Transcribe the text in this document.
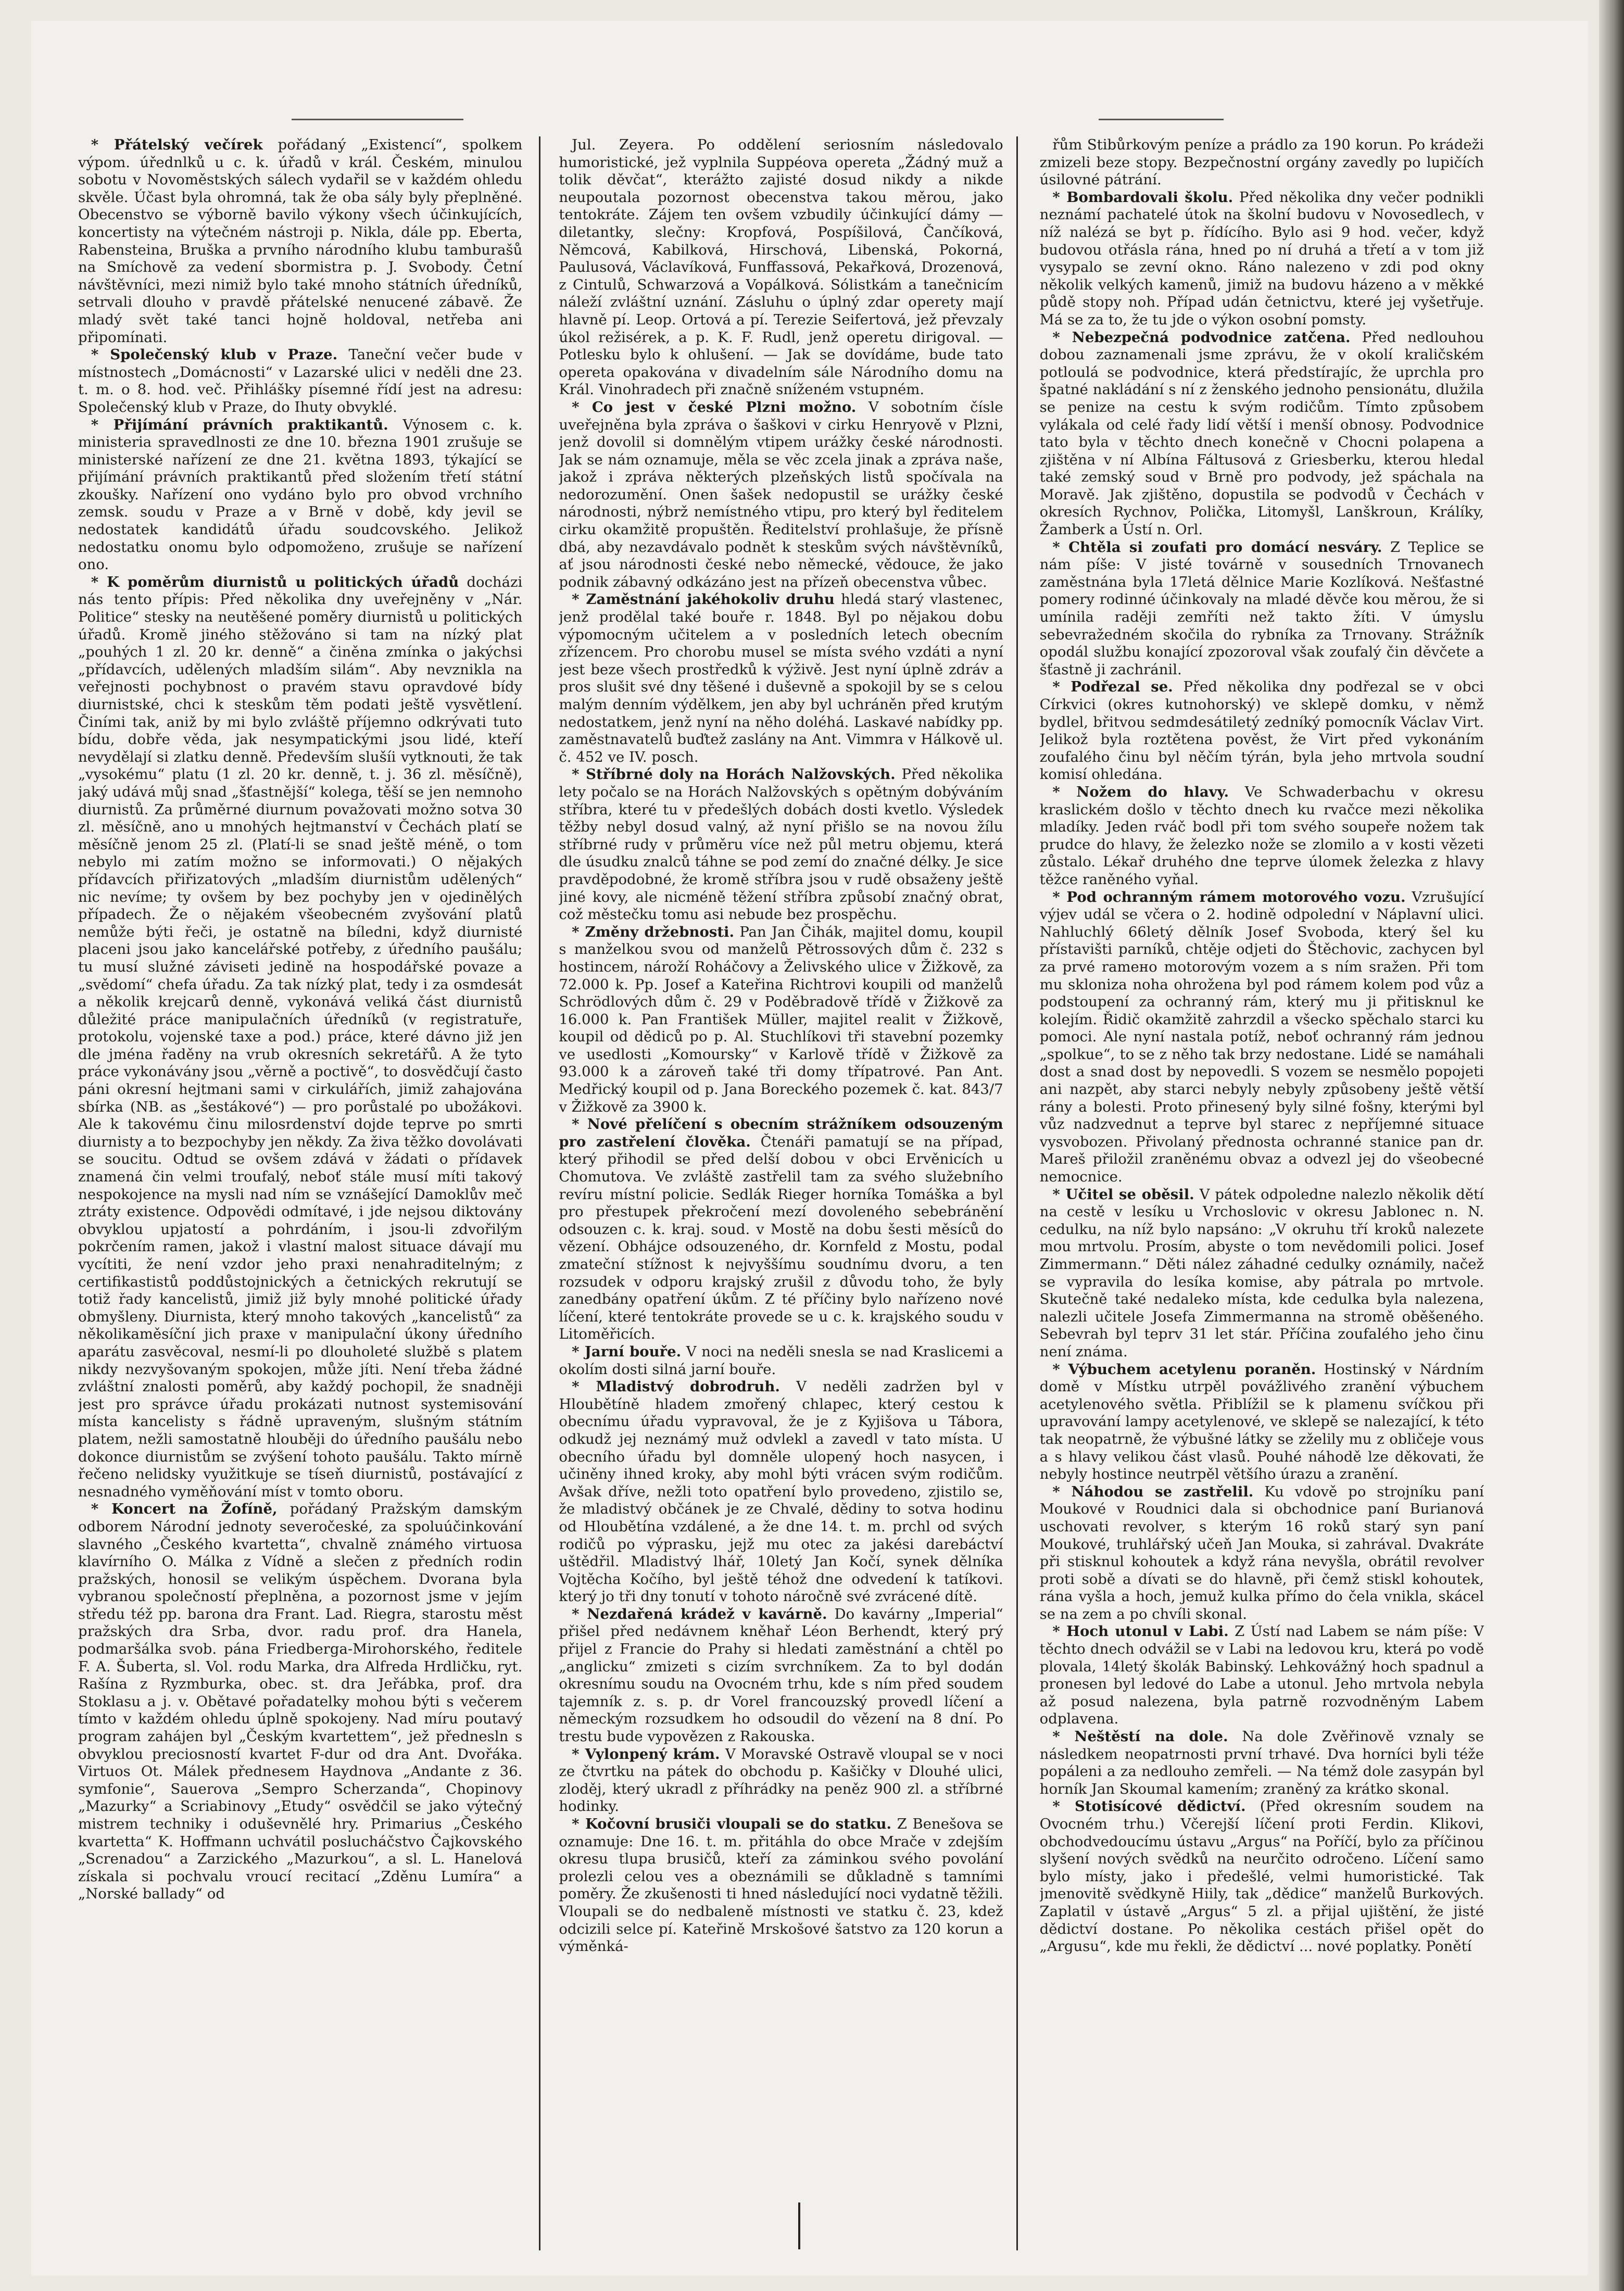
* Přátelský večírek pořádaný „Existencí“, spolkem výpom. úřednlků u c. k. úřadů v král. Českém, minulou sobotu v Novoměstských sálech vydařil se v každém ohledu skvěle. Účast byla ohromná, tak že oba sály byly přeplněné. Obecenstvo se výborně bavilo výkony všech účinkujících, koncertisty na výtečném nástroji p. Nikla, dále pp. Eberta, Rabensteina, Bruška a prvního národního klubu tamburašů na Smíchově za vedení sbormistra p. J. Svobody. Četní návštěvníci, mezi nimiž bylo také mnoho státních úředníků, setrvali dlouho v pravdě přátelské nenucené zábavě. Že mladý svět také tanci hojně holdoval, netřeba ani připomínati.

* Společenský klub v Praze. Taneční večer bude v místnostech „Domácnosti“ v Lazarské ulici v neděli dne 23. t. m. o 8. hod. več. Přihlášky písemné řídí jest na adresu: Společenský klub v Praze, do Ihuty obvyklé.

* Přijímání právních praktikantů. Výnosem c. k. ministeria spravedlnosti ze dne 10. března 1901 zrušuje se ministerské nařízení ze dne 21. května 1893, týkající se přijímání právních praktikantů před složením třetí státní zkoušky. Nařízení ono vydáno bylo pro obvod vrchního zemsk. soudu v Praze a v Brně v době, kdy jevil se nedostatek kandidátů úřadu soudcovského. Jelikož nedostatku onomu bylo odpomoženo, zrušuje se nařízení ono.

* K poměrům diurnistů u politických úřadů docházi nás tento přípis: Před několika dny uveřejněny v „Nár. Politice“ stesky na neutěšené poměry diurnistů u politických úřadů. Kromě jiného stěžováno si tam na nízký plat „pouhých 1 zl. 20 kr. denně“ a činěna zmínka o jakýchsi „přídavcích, udělených mladším silám“. Aby nevznikla na veřejnosti pochybnost o pravém stavu opravdové bídy diurnistské, chci k steskům těm podati ještě vysvětlení. Činími tak, aniž by mi bylo zvláště příjemno odkrývati tuto bídu, dobře věda, jak nesympatickými jsou lidé, kteří nevydělají si zlatku denně. Především slušíi vytknouti, že tak „vysokému“ platu (1 zl. 20 kr. denně, t. j. 36 zl. měsíčně), jaký udává můj snad „šťastnější“ kolega, těší se jen nemnoho diurnistů. Za průměrné diurnum považovati možno sotva 30 zl. měsíčně, ano u mnohých hejtmanství v Čechách platí se měsíčně jenom 25 zl. (Platí-li se snad ještě méně, o tom nebylo mi zatím možno se informovati.) O nějakých přídavcích přiřizatových „mladším diurnistům udělených“ nic nevíme; ty ovšem by bez pochyby jen v ojedinělých případech. Že o nějakém všeobecném zvyšování platů nemůže býti řeči, je ostatně na bíledni, když diurnisté placeni jsou jako kancelářské potřeby, z úředního paušálu; tu musí služné záviseti jedině na hospodářské povaze a „svědomí“ chefa úřadu. Za tak nízký plat, tedy i za osmdesát a několik krejcarů denně, vykonává veliká část diurnistů důležité práce manipulačních úředníků (v registratuře, protokolu, vojenské taxe a pod.) práce, které dávno již jen dle jména řaděny na vrub okresních sekretářů. A že tyto práce vykonávány jsou „věrně a poctivě“, to dosvědčují často páni okresní hejtmani sami v cirkulářích, jimiž zahajována sbírka (NB. as „šestákové“) — pro porůstalé po ubožákovi. Ale k takovému činu milosrdenství dojde teprve po smrti diurnisty a to bezpochyby jen někdy. Za živa těžko dovolávati se soucitu. Odtud se ovšem zdává v žádati o přídavek znamená čin velmi troufalý, neboť stále musí míti takový nespokojence na mysli nad ním se vznášející Damoklův meč ztráty existence. Odpovědi odmítavé, i jde nejsou diktovány obvyklou upjatostí a pohrdáním, i jsou-li zdvořilým pokrčením ramen, jakož i vlastní malost situace dávají mu vycítiti, že není vzdor jeho praxi nenahraditelným; z certifikastistů poddůstojnických a četnických rekrutují se totiž řady kancelistů, jimiž již byly mnohé politické úřady obmyšleny. Diurnista, který mnoho takových „kancelistů“ za několikaměsíční jich praxe v manipulační úkony úředního aparátu zasvěcoval, nesmí-li po dlouholeté službě s platem nikdy nezvyšovaným spokojen, může jíti. Není třeba žádné zvláštní znalosti poměrů, aby každý pochopil, že snadněji jest pro správce úřadu prokázati nutnost systemisování místa kancelisty s řádně upraveným, slušným státním platem, nežli samostatně hlouběji do úředního paušálu nebo dokonce diurnistům se zvýšení tohoto paušálu. Takto mírně řečeno nelidsky využitkuje se tíseň diurnistů, postávající z nesnadného vyměňování míst v tomto oboru.

* Koncert na Žofíně, pořádaný Pražským damským odborem Národní jednoty severočeské, za spoluúčinkování slavného „Českého kvartetta“, chvalně známého virtuosa klavírního O. Málka z Vídně a slečen z předních rodin pražských, honosil se velikým úspěchem. Dvorana byla vybranou společností přeplněna, a pozornost jsme v jejím středu též pp. barona dra Frant. Lad. Riegra, starostu měst pražských dra Srba, dvor. radu prof. dra Hanela, podmaršálka svob. pána Friedberga-Mirohorského, ředitele F. A. Šuberta, sl. Vol. rodu Marka, dra Alfreda Hrdličku, ryt. Rašína z Ryzmburka, obec. st. dra Jeřábka, prof. dra Stoklasu a j. v. Obětavé pořadatelky mohou býti s večerem tímto v každém ohledu úplně spokojeny. Nad míru poutavý program zahájen byl „Českým kvartettem“, jež přednesln s obvyklou preciosností kvartet F-dur od dra Ant. Dvořáka. Virtuos Ot. Málek přednesem Haydnova „Andante z 36. symfonie“, Sauerova „Sempro Scherzanda“, Chopinovy „Mazurky“ a Scriabinovy „Etudy“ osvědčil se jako výtečný mistrem techniky i oduševnělé hry. Primarius „Českého kvartetta“ K. Hoffmann uchvátil poslucháčstvo Čajkovského „Screnadou“ a Zarzického „Mazurkou“, a sl. L. Hanelová získala si pochvalu vroucí recitací „Zděnu Lumíra“ a „Norské ballady“ od

Jul. Zeyera. Po oddělení seriosním následovalo humoristické, jež vyplnila Suppéova opereta „Žádný muž a tolik děvčat“, kterážto zajisté dosud nikdy a nikde neupoutala pozornost obecenstva takou měrou, jako tentokráte. Zájem ten ovšem vzbudily účinkující dámy — diletantky, slečny: Kropfová, Pospíšilová, Čančíková, Němcová, Kabilková, Hirschová, Libenská, Pokorná, Paulusová, Václavíková, Funffassová, Pekařková, Drozenová, z Cintulů, Schwarzová a Vopálková. Sólistkám a tanečnicím náleží zvláštní uznání. Zásluhu o úplný zdar operety mají hlavně pí. Leop. Ortová a pí. Terezie Seifertová, jež převzaly úkol režisérek, a p. K. F. Rudl, jenž operetu dirigoval. — Potlesku bylo k ohlušení. — Jak se dovídáme, bude tato opereta opakována v divadelním sále Národního domu na Král. Vinohradech při značně sníženém vstupném.

* Co jest v české Plzni možno. V sobotním čísle uveřejněna byla zpráva o šaškovi v cirku Henryově v Plzni, jenž dovolil si domnělým vtipem urážky české národnosti. Jak se nám oznamuje, měla se věc zcela jinak a zpráva naše, jakož i zpráva některých plzeňských listů spočívala na nedorozumění. Onen šašek nedopustil se urážky české národnosti, nýbrž nemístného vtipu, pro který byl ředitelem cirku okamžitě propuštěn. Ředitelství prohlašuje, že přísně dbá, aby nezavdávalo podnět k steskům svých návštěvníků, ať jsou národnosti české nebo německé, vědouce, že jako podnik zábavný odkázáno jest na přízeň obecenstva vůbec.

* Zaměstnání jakéhokoliv druhu hledá starý vlastenec, jenž prodělal také bouře r. 1848. Byl po nějakou dobu výpomocným učitelem a v posledních letech obecním zřízencem. Pro chorobu musel se místa svého vzdáti a nyní jest beze všech prostředků k výživě. Jest nyní úplně zdráv a pros slušit své dny těšené i duševně a spokojil by se s celou malým denním výdělkem, jen aby byl uchráněn před krutým nedostatkem, jenž nyní na něho doléhá. Laskavé nabídky pp. zaměstnavatelů buďtež zaslány na Ant. Vimmra v Hálkově ul. č. 452 ve IV. posch.

* Stříbrné doly na Horách Nalžovských. Před několika lety počalo se na Horách Nalžovských s opětným dobýváním stříbra, které tu v předešlých dobách dosti kvetlo. Výsledek těžby nebyl dosud valný, až nyní přišlo se na novou žílu stříbrné rudy v průměru více než půl metru objemu, která dle úsudku znalců táhne se pod zemí do značné délky. Je sice pravděpodobné, že kromě stříbra jsou v rudě obsaženy ještě jiné kovy, ale nicméně těžení stříbra způsobí značný obrat, což městečku tomu asi nebude bez prospěchu.

* Změny držebnosti. Pan Jan Čihák, majitel domu, koupil s manželkou svou od manželů Pětrossových dům č. 232 s hostincem, nároží Roháčovy a Želivského ulice v Žižkově, za 72.000 k. Pp. Josef a Kateřina Richtrovi koupili od manželů Schrödlových dům č. 29 v Poděbradově třídě v Žižkově za 16.000 k. Pan František Müller, majitel realit v Žižkově, koupil od dědiců po p. Al. Stuchlíkovi tři stavební pozemky ve usedlosti „Komoursky“ v Karlově třídě v Žižkově za 93.000 k a zároveň také tři domy třípatrové. Pan Ant. Medřický koupil od p. Jana Boreckého pozemek č. kat. 843/7 v Žižkově za 3900 k.

* Nové přelíčení s obecním strážníkem odsouzeným pro zastřelení člověka. Čtenáři pamatují se na případ, který přihodil se před delší dobou v obci Ervěnicích u Chomutova. Ve zvláště zastřelil tam za svého služebního revíru místní policie. Sedlák Rieger horníka Tomáška a byl pro přestupek překročení mezí dovoleného sebebránění odsouzen c. k. kraj. soud. v Mostě na dobu šesti měsíců do vězení. Obhájce odsouzeného, dr. Kornfeld z Mostu, podal zmateční stížnost k nejvyššímu soudnímu dvoru, a ten rozsudek v odporu krajský zrušil z důvodu toho, že byly zanedbány opatření úkům. Z té příčiny bylo nařízeno nové líčení, které tentokráte provede se u c. k. krajského soudu v Litoměřicích.

* Jarní bouře. V noci na neděli snesla se nad Kraslicemi a okolím dosti silná jarní bouře.

* Mladistvý dobrodruh. V neděli zadržen byl v Hloubětíně hladem zmořený chlapec, který cestou k obecnímu úřadu vypravoval, že je z Kyjišova u Tábora, odkudž jej neznámý muž odvlekl a zavedl v tato místa. U obecního úřadu byl domněle ulopený hoch nasycen, i učiněny ihned kroky, aby mohl býti vrácen svým rodičům. Avšak dříve, nežli toto opatření bylo provedeno, zjistilo se, že mladistvý občánek je ze Chvalé, dědiny to sotva hodinu od Hloubětína vzdálené, a že dne 14. t. m. prchl od svých rodičů po výprasku, jejž mu otec za jakési darebáctví uštědřil. Mladistvý lhář, 10letý Jan Kočí, synek dělníka Vojtěcha Kočího, byl ještě téhož dne odvedení k tatíkovi. který jo tři dny tonutí v tohoto náročně své zvrácené dítě.

* Nezdařená krádež v kavárně. Do kavárny „Imperial“ přišel před nedávnem kněhař Léon Berhendt, který prý přijel z Francie do Prahy si hledati zaměstnání a chtěl po „anglicku“ zmizeti s cizím svrchníkem. Za to byl dodán okresnímu soudu na Ovocném trhu, kde s ním před soudem tajemník z. s. p. dr Vorel francouzský provedl líčení a německým rozsudkem ho odsoudil do vězení na 8 dní. Po trestu bude vypovězen z Rakouska.

* Vylonpený krám. V Moravské Ostravě vloupal se v noci ze čtvrtku na pátek do obchodu p. Kašičky v Dlouhé ulici, zloděj, který ukradl z příhrádky na peněz 900 zl. a stříbrné hodinky.

* Kočovní brusiči vloupali se do statku. Z Benešova se oznamuje: Dne 16. t. m. přitáhla do obce Mrače v zdejším okresu tlupa brusičů, kteří za záminkou svého povolání prolezli celou ves a obeznámili se důkladně s tamními poměry. Že zkušenosti ti hned následující noci vydatně těžili. Vloupali se do nedbaleně místnosti ve statku č. 23, kdež odcizili selce pí. Kateřině Mrskošové šatstvo za 120 korun a výměnká-

řům Stibůrkovým peníze a prádlo za 190 korun. Po krádeži zmizeli beze stopy. Bezpečnostní orgány zavedly po lupičích úsilovné pátrání.

* Bombardovali školu. Před několika dny večer podnikli neznámí pachatelé útok na školní budovu v Novosedlech, v níž nalézá se byt p. řídícího. Bylo asi 9 hod. večer, když budovou otřásla rána, hned po ní druhá a třetí a v tom již vysypalo se zevní okno. Ráno nalezeno v zdi pod okny několik velkých kamenů, jimiž na budovu házeno a v měkké půdě stopy noh. Případ udán četnictvu, které jej vyšetřuje. Má se za to, že tu jde o výkon osobní pomsty.

* Nebezpečná podvodnice zatčena. Před nedlouhou dobou zaznamenali jsme zprávu, že v okolí kraličském potloulá se podvodnice, která předstírajíc, že uprchla pro špatné nakládání s ní z ženského jednoho pensionátu, dlužila se penize na cestu k svým rodičům. Tímto způsobem vylákala od celé řady lidí větší i menší obnosy. Podvodnice tato byla v těchto dnech konečně v Chocni polapena a zjištěna v ní Albína Fáltusová z Griesberku, kterou hledal také zemský soud v Brně pro podvody, jež spáchala na Moravě. Jak zjištěno, dopustila se podvodů v Čechách v okresích Rychnov, Polička, Litomyšl, Lanškroun, Králíky, Žamberk a Ústí n. Orl.

* Chtěla si zoufati pro domácí nesváry. Z Teplice se nám píše: V jisté továrně v sousedních Trnovanech zaměstnána byla 17letá dělnice Marie Kozlíková. Nešťastné pomery rodinné účinkovaly na mladé děvče kou měrou, že si umínila raději zemříti než takto žíti. V úmyslu sebevražedném skočila do rybníka za Trnovany. Strážník opodál službu konající zpozoroval však zoufalý čin děvčete a šťastně ji zachránil.

* Podřezal se. Před několika dny podřezal se v obci Církvici (okres kutnohorský) ve sklepě domku, v němž bydlel, břitvou sedmdesátiletý zedníký pomocník Václav Virt. Jelikož byla roztětena pověst, že Virt před vykonáním zoufalého činu byl něčím týrán, byla jeho mrtvola soudní komisí ohledána.

* Nožem do hlavy. Ve Schwaderbachu v okresu kraslickém došlo v těchto dnech ku rvačce mezi několika mladíky. Jeden rváč bodl při tom svého soupeře nožem tak prudce do hlavy, že železko nože se zlomilo a v kosti vězeti zůstalo. Lékař druhého dne teprve úlomek železka z hlavy těžce raněného vyňal.

* Pod ochranným rámem motorového vozu. Vzrušující výjev udál se včera o 2. hodině odpolední v Náplavní ulici. Nahluchlý 66letý dělník Josef Svoboda, který šel ku přístavišti parníků, chtěje odjeti do Štěchovic, zachycen byl za prvé ramено motorovým vozem a s ním sražen. Při tom mu skloniza noha ohrožena byl pod rámem kolem pod vůz a podstoupení za ochranný rám, který mu ji přitisknul ke kolejím. Řidič okamžitě zahrzdil a všecko spěchalo starci ku pomoci. Ale nyní nastala potíž, neboť ochranný rám jednou „spolkue“, to se z něho tak brzy nedostane. Lidé se namáhali dost a snad dost by nepovedli. S vozem se nesmělo popojeti ani nazpět, aby starci nebyly nebyly způsobeny ještě větší rány a bolesti. Proto přinesený byly silné fošny, kterými byl vůz nadzvednut a teprve byl starec z nepříjemné situace vysvobozen. Přivolaný přednosta ochranné stanice pan dr. Mareš přiložil zraněnému obvaz a odvezl jej do všeobecné nemocnice.

* Učitel se oběsil. V pátek odpoledne nalezlo několik dětí na cestě v lesíku u Vrchoslovic v okresu Jablonec n. N. cedulku, na níž bylo napsáno: „V okruhu tří kroků nalezete mou mrtvolu. Prosím, abyste o tom nevědomili polici. Josef Zimmermann.“ Děti nález záhadné cedulky oznámily, načež se vypravila do lesíka komise, aby pátrala po mrtvole. Skutečně také nedaleko místa, kde cedulka byla nalezena, nalezli učitele Josefa Zimmermanna na stromě oběšeného. Sebevrah byl teprv 31 let stár. Příčina zoufalého jeho činu není známa.

* Výbuchem acetylenu poraněn. Hostinský v Nárdním domě v Místku utrpěl povážlivého zranění výbuchem acetylenového světla. Přiblížil se k plamenu svíčkou při upravování lampy acetylenové, ve sklepě se nalezající, k této tak neopatrně, že výbušné látky se zželily mu z obličeje vous a s hlavy velikou část vlasů. Pouhé náhodě lze děkovati, že nebyly hostince neutrpěl většího úrazu a zranění.

* Náhodou se zastřelil. Ku vdově po strojníku paní Moukové v Roudnici dala si obchodnice paní Burianová uschovati revolver, s kterým 16 roků starý syn paní Moukové, truhlářský učeň Jan Mouka, si zahrával. Dvakráte při stisknul kohoutek a když rána nevyšla, obrátil revolver proti sobě a dívati se do hlavně, při čemž stiskl kohoutek, rána vyšla a hoch, jemuž kulka přímo do čela vnikla, skácel se na zem a po chvíli skonal.

* Hoch utonul v Labi. Z Ústí nad Labem se nám píše: V těchto dnech odvážil se v Labi na ledovou kru, která po vodě plovala, 14letý školák Babinský. Lehkovážný hoch spadnul a pronesen byl ledové do Labe a utonul. Jeho mrtvola nebyla až posud nalezena, byla patrně rozvodněným Labem odplavena.

* Neštěstí na dole. Na dole Zvěřinově vznaly se následkem neopatrnosti první trhavé. Dva horníci byli téže popáleni a za nedlouho zemřeli. — Na témž dole zasypán byl horník Jan Skoumal kamením; zraněný za krátko skonal.

* Stotisícové dědictví. (Před okresním soudem na Ovocném trhu.) Včerejší líčení proti Ferdin. Klikovi, obchodvedoucímu ústavu „Argus“ na Poříčí, bylo za příčinou slyšení nových svědků na neurčito odročeno. Líčení samo bylo místy, jako i předešlé, velmi humoristické. Tak jmenovitě svědkyně Hiily, tak „dědice“ manželů Burkových. Zaplatil v ústavě „Argus“ 5 zl. a přijal ujištění, že jisté dědictví dostane. Po několika cestách přišel opět do „Argusu“, kde mu řekli, že dědictví ... nové poplatky. Ponětí
